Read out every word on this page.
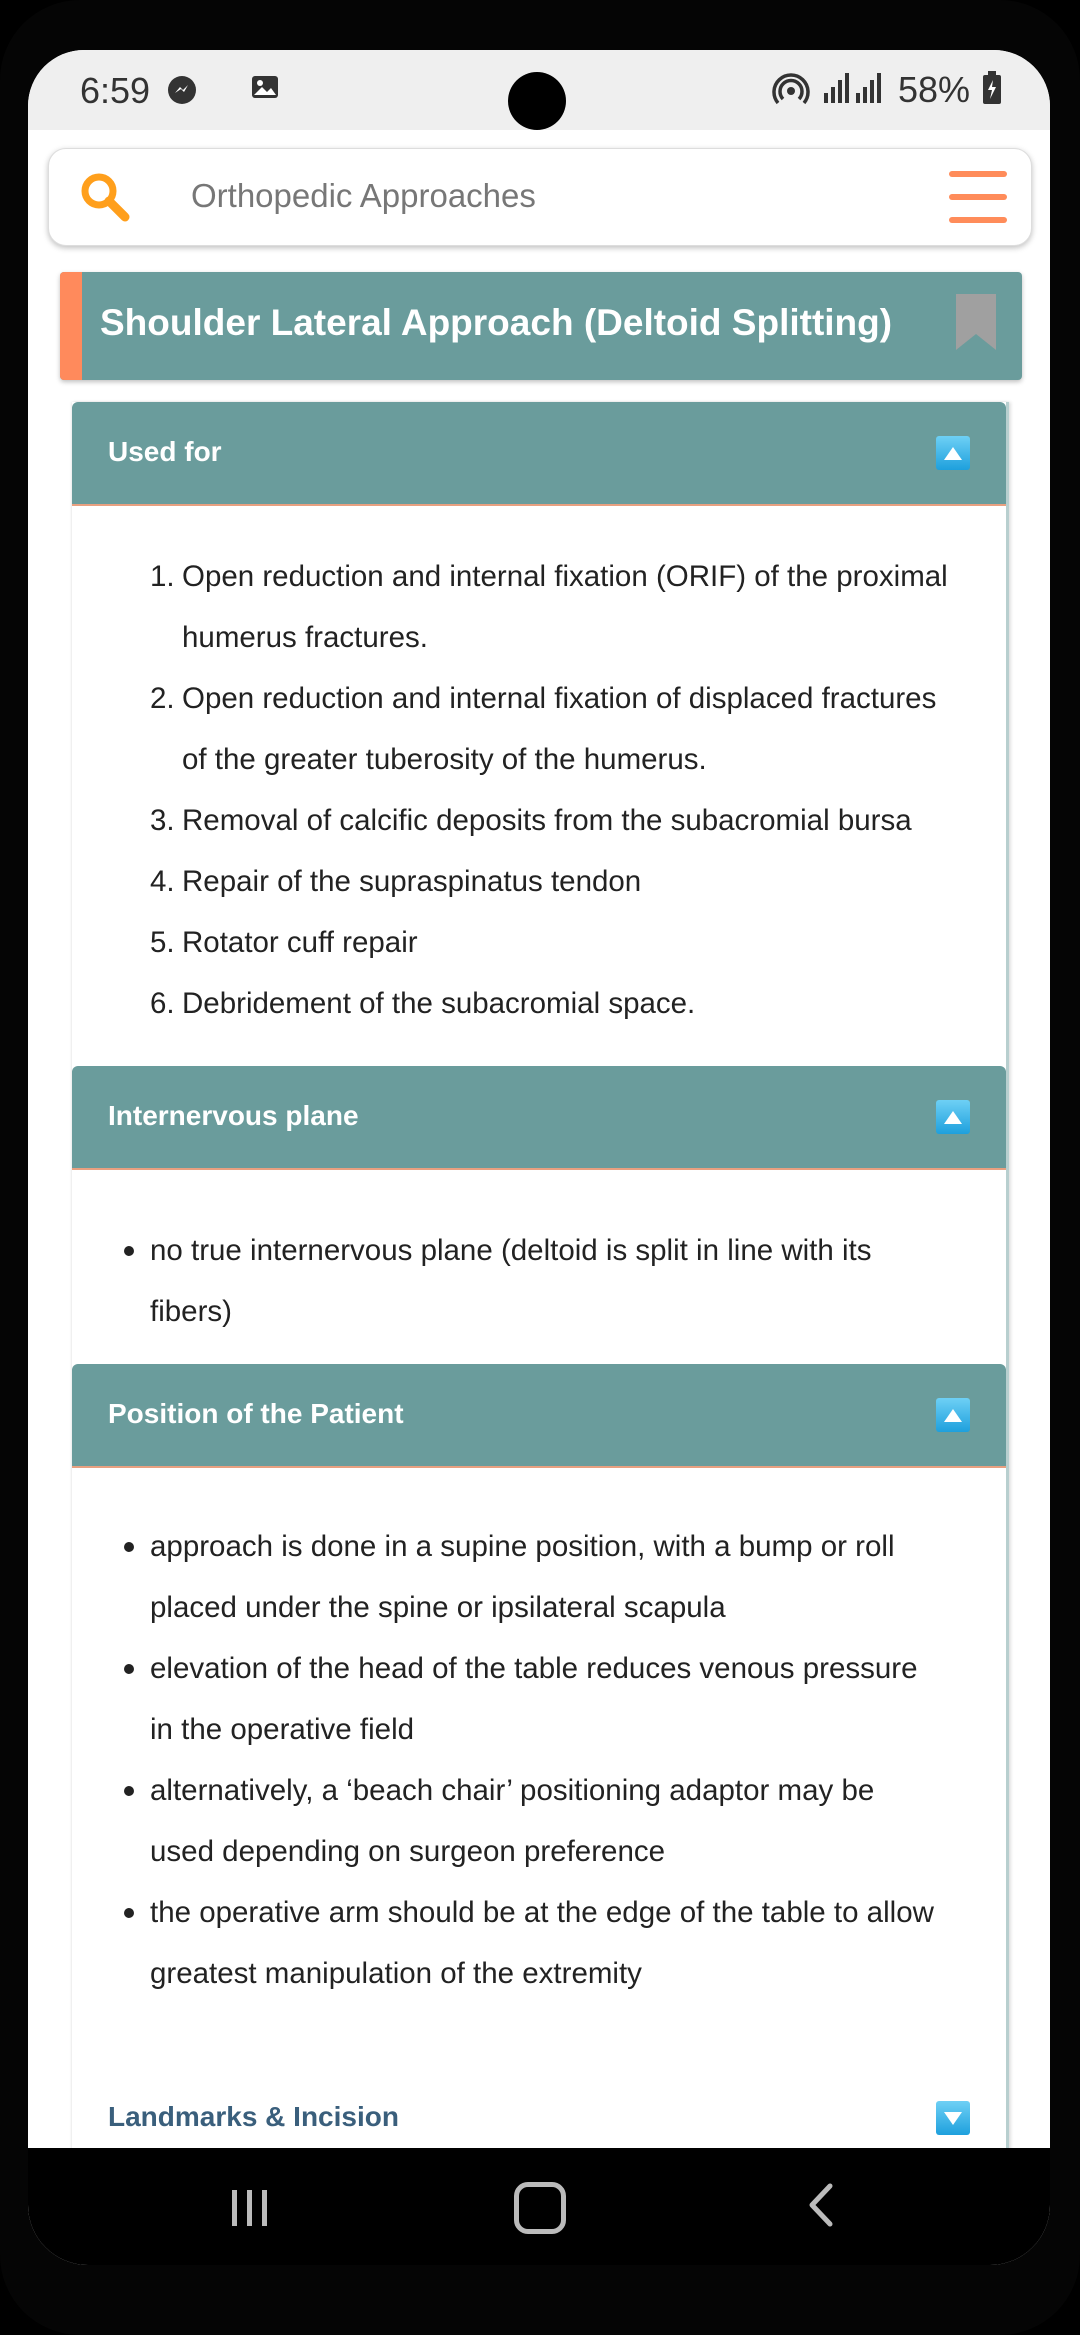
6:59	58%
Orthopedic Approaches
Shoulder Lateral Approach (Deltoid Splitting)
Used for
1. Open reduction and internal fixation (ORIF) of the proximal
humerus fractures.
2. Open reduction and internal fixation of displaced fractures
of the greater tuberosity of the humerus.
3. Removal of calcific deposits from the subacromial bursa
4. Repair of the supraspinatus tendon
5. Rotator cuff repair
6. Debridement of the subacromial space.
Internervous plane
no true internervous plane (deltoid is split in line with its
fibers)
Position of the Patient
approach is done in a supine position, with a bump or roll
placed under the spine or ipsilateral scapula
elevation of the head of the table reduces venous pressure
in the operative field
alternatively, a ‘beach chair’ positioning adaptor may be
used depending on surgeon preference
the operative arm should be at the edge of the table to allow
greatest manipulation of the extremity
Landmarks & Incision
